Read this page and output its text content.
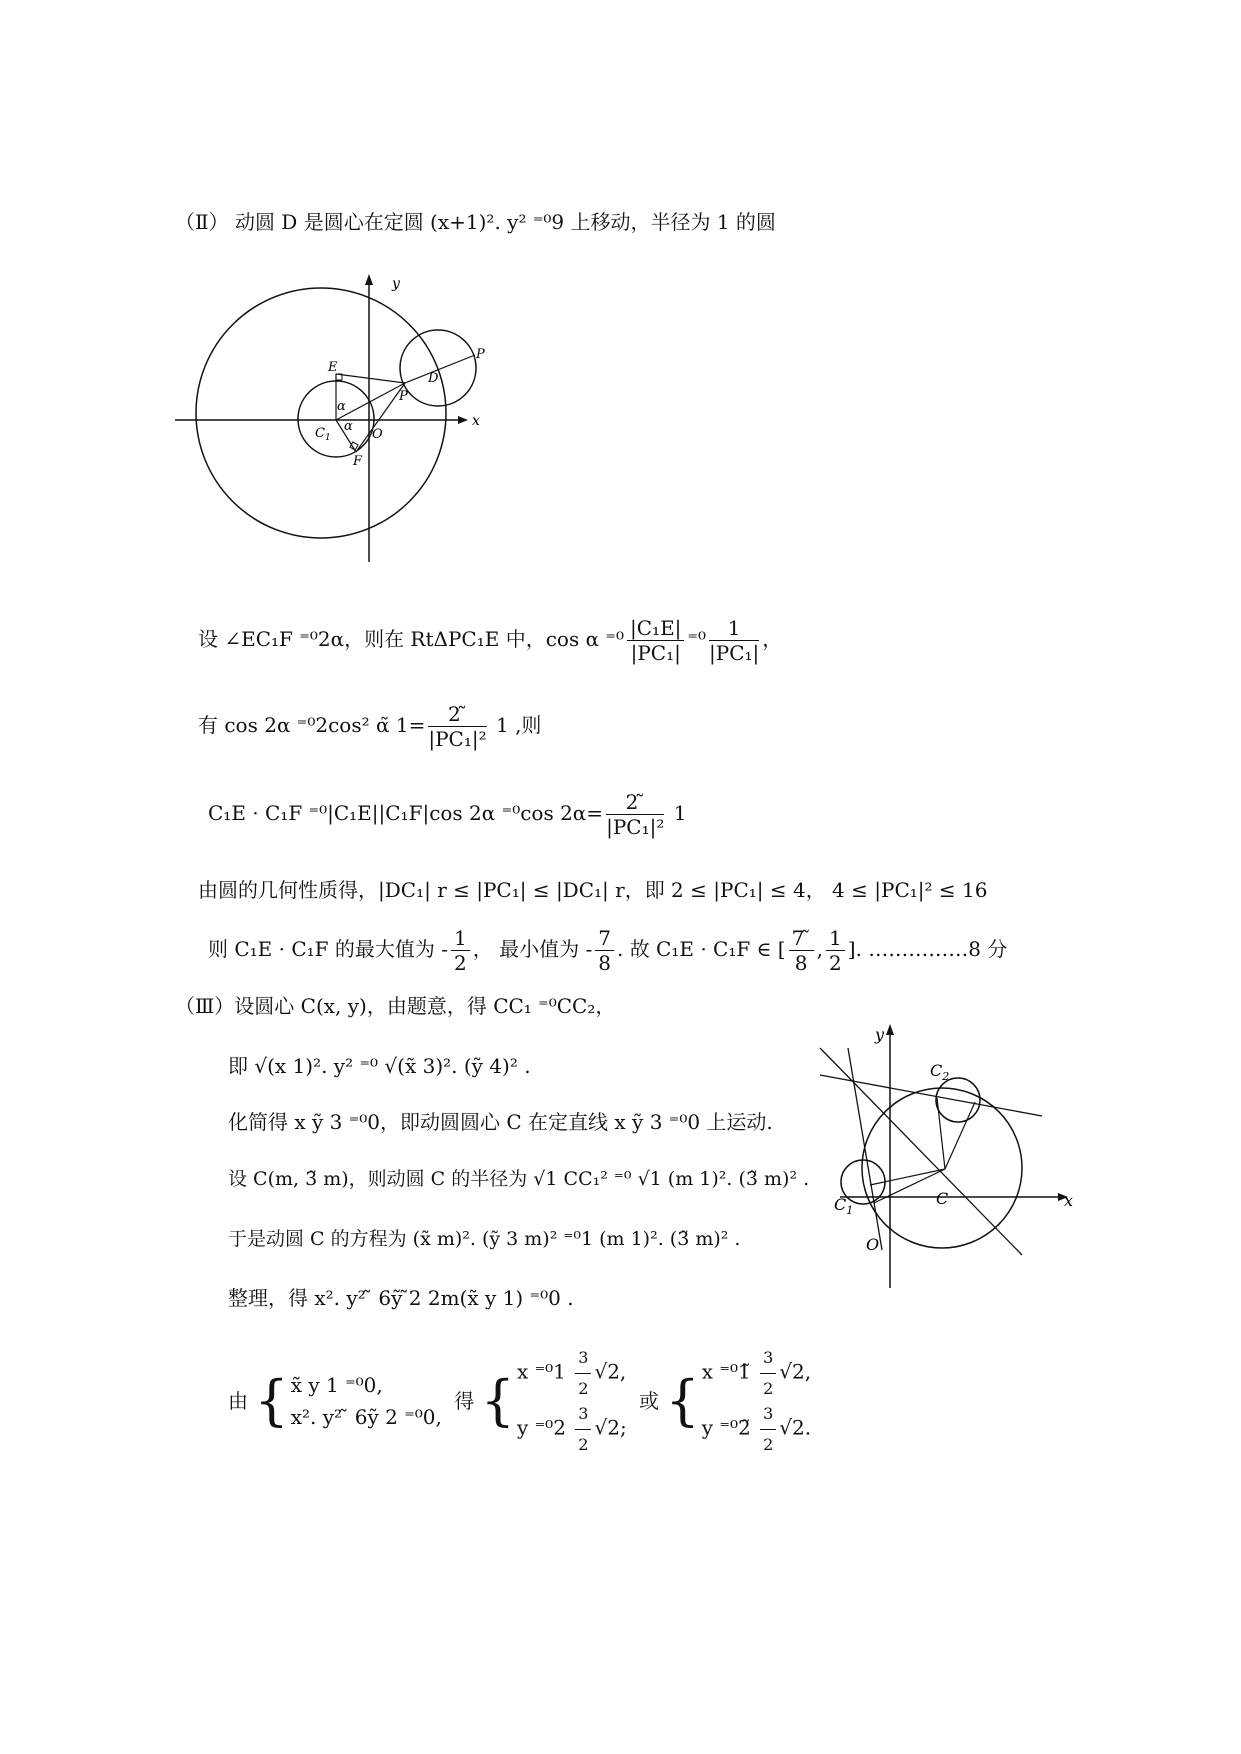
（Ⅱ） 动圆 D 是圆心在定圆 (x+1)². y² ⁼⁰9 上移动，半径为 1 的圆
y
x
E
D
P
P
α
α
$C_1$	O
F
设 ∠EC₁F ⁼⁰2α，则在 RtΔPC₁E 中，cos α $^{=0} \frac{\text{|C₁E|}}{\text{|PC₁|}} ^{=0} \frac{1}{\text{|PC₁|}}$ ，
有 cos 2α ⁼⁰2cos² α̃ $1= \frac{2 ̃}{\text{|PC₁|²}} 1$ ,则
C₁E · C₁F ⁼⁰|C₁E||C₁F|cos 2α ⁼⁰cos $2\alpha= \frac{2 ̃}{\text{|PC₁|²}} 1$
由圆的几何性质得，|DC₁| r ≤ |PC₁| ≤ |DC₁| r，即 2 ≤ |PC₁| ≤ 4， 4 ≤ |PC₁|² ≤ 16
则 C₁E · C₁F 的最大值为 - $\frac{1}{2}$ ， 最小值为 - $\frac{7}{8}$ . 故 C₁E · C₁F ∈ [ $\frac{7 ̃}{8}$ , $\frac{1}{2}$ ]. ……………8 分
（Ⅲ）设圆心 C(x, y)，由题意，得 CC₁ ⁼⁰CC₂，
即 √(x 1)². y² ⁼⁰ √(x̃ 3)². (ỹ 4)² .
化简得 x ỹ 3 ⁼⁰0，即动圆圆心 C 在定直线 x ỹ 3 ⁼⁰0 上运动.
设 C(m, 3̃ m)，则动圆 C 的半径为 √1 CC₁² ⁼⁰ √1 (m 1)². (3̃ m)² .
于是动圆 C 的方程为 (x̃ m)². (ỹ 3 m)² ⁼⁰1 (m 1)². (3̃ m)² .
整理，得 x². y² ̃ 6ỹ ̃2 2m(x̃ y 1) ⁼⁰0 .
由 { x̃ y 1 ⁼⁰0,
x². y² ̃ 6ỹ 2 ⁼⁰0, 得 { x $^{=0}1 \frac{3}{2} √2$,
y $^{=0}2 \frac{3}{2} √2$; 或 { x ⁼⁰1̃ $\frac{3}{2} √2$,
y ⁼⁰2̃ $\frac{3}{2} √2$.
y
x
$C_2$
$C_1$
C
O
